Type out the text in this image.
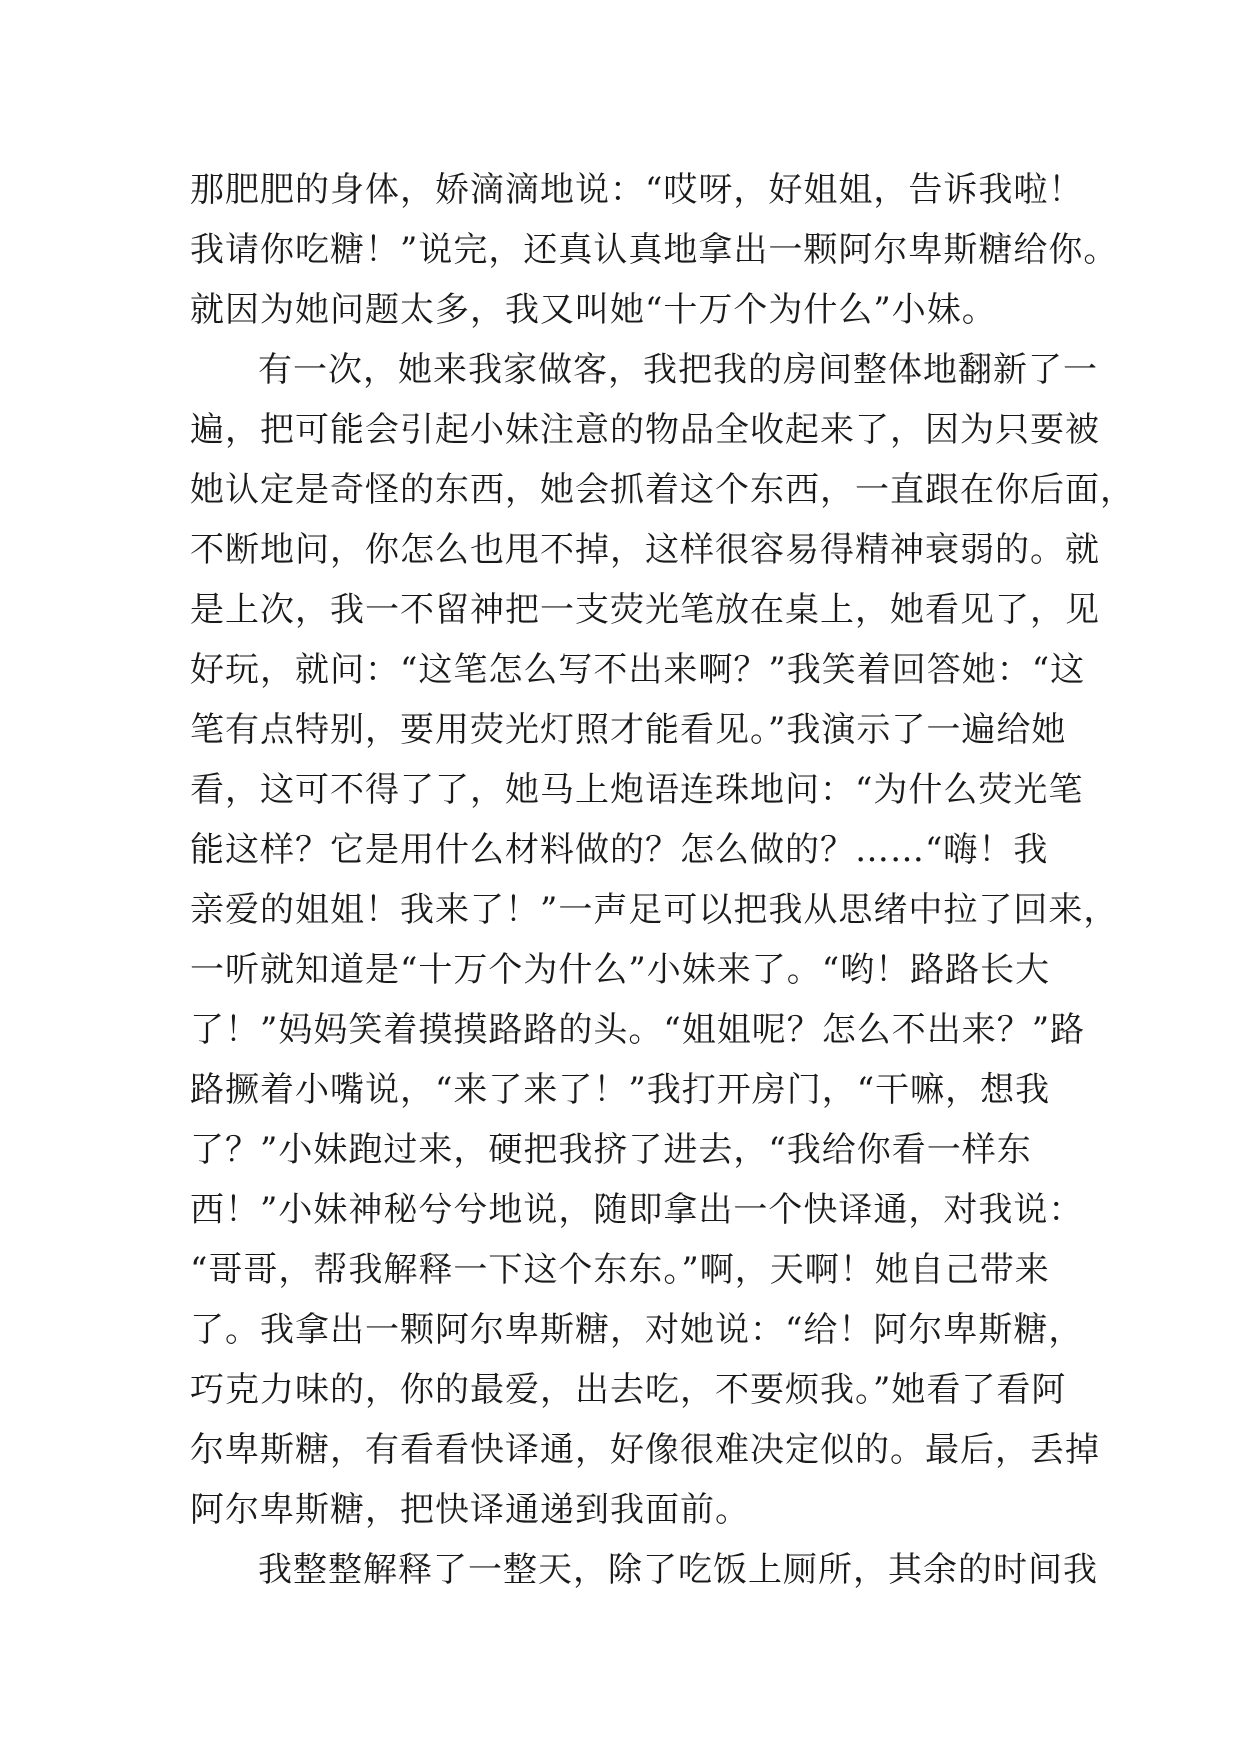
那肥肥的身体，娇滴滴地说：“哎呀，好姐姐，告诉我啦！
我请你吃糖！”说完，还真认真地拿出一颗阿尔卑斯糖给你。
就因为她问题太多，我又叫她“十万个为什么”小妹。
有一次，她来我家做客，我把我的房间整体地翻新了一
遍，把可能会引起小妹注意的物品全收起来了，因为只要被
她认定是奇怪的东西，她会抓着这个东西，一直跟在你后面，
不断地问，你怎么也甩不掉，这样很容易得精神衰弱的。就
是上次，我一不留神把一支荧光笔放在桌上，她看见了，见
好玩，就问：“这笔怎么写不出来啊？”我笑着回答她：“这
笔有点特别，要用荧光灯照才能看见。”我演示了一遍给她
看，这可不得了了，她马上炮语连珠地问：“为什么荧光笔
能这样？它是用什么材料做的？怎么做的？……“嗨！我
亲爱的姐姐！我来了！”一声足可以把我从思绪中拉了回来，
一听就知道是“十万个为什么”小妹来了。“哟！路路长大
了！”妈妈笑着摸摸路路的头。“姐姐呢？怎么不出来？”路
路撅着小嘴说，“来了来了！”我打开房门，“干嘛，想我
了？”小妹跑过来，硬把我挤了进去，“我给你看一样东
西！”小妹神秘兮兮地说，随即拿出一个快译通，对我说：
“哥哥，帮我解释一下这个东东。”啊，天啊！她自己带来
了。我拿出一颗阿尔卑斯糖，对她说：“给！阿尔卑斯糖，
巧克力味的，你的最爱，出去吃，不要烦我。”她看了看阿
尔卑斯糖，有看看快译通，好像很难决定似的。最后，丢掉
阿尔卑斯糖，把快译通递到我面前。
我整整解释了一整天，除了吃饭上厕所，其余的时间我
